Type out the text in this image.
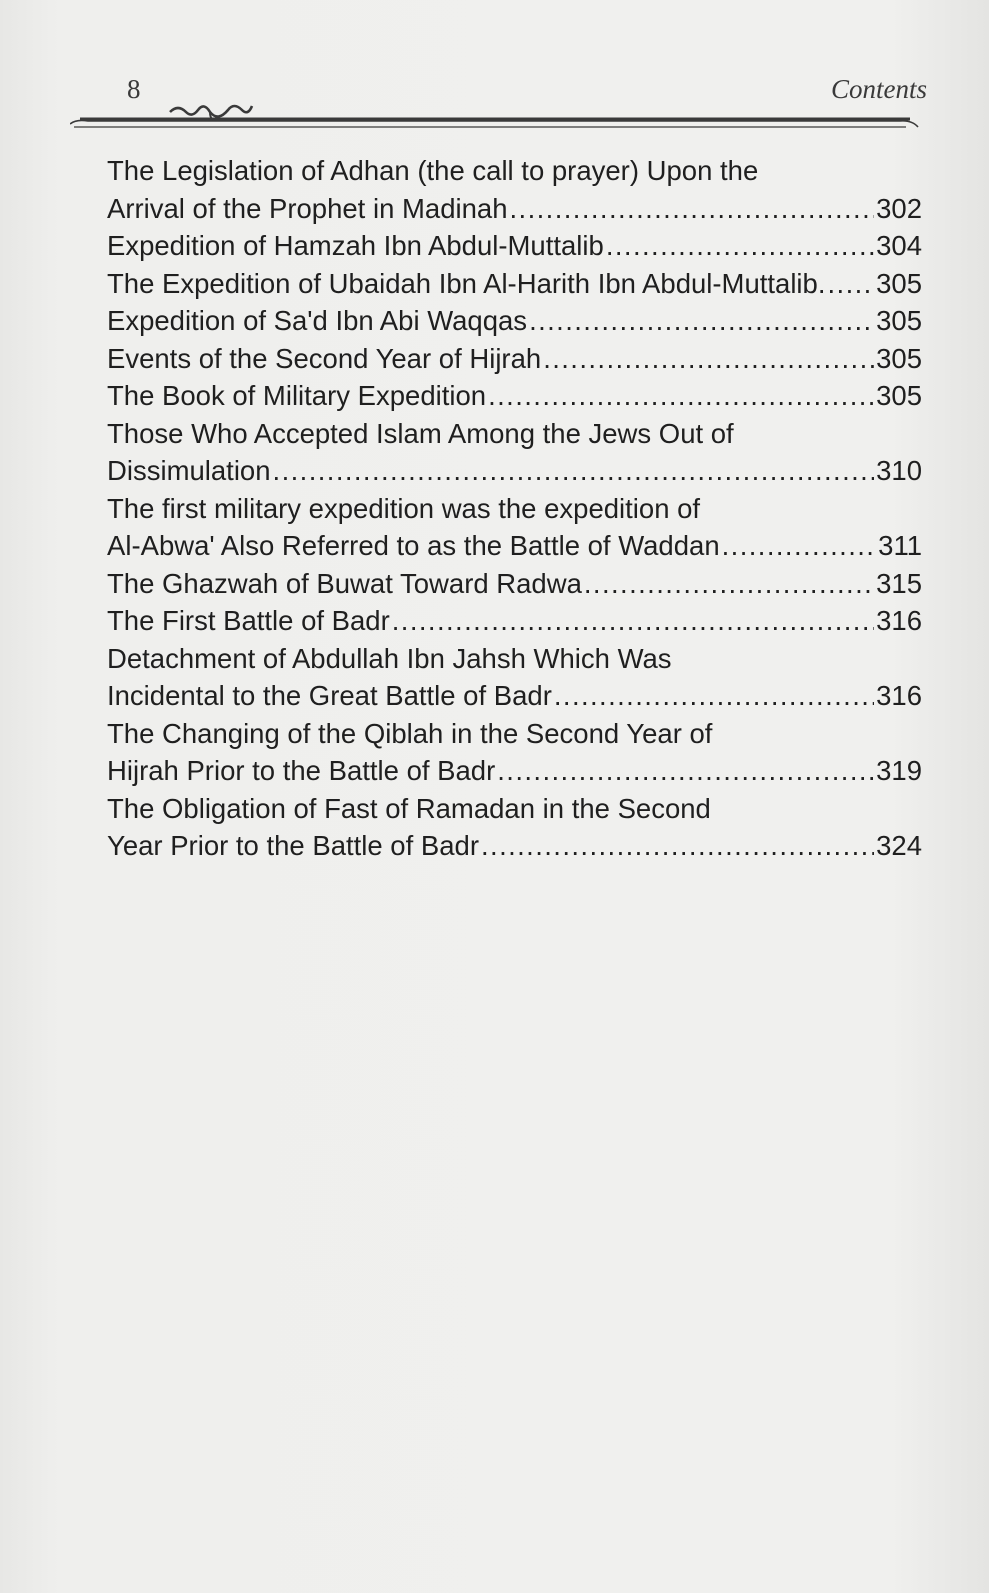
8	Contents
The Legislation of Adhan (the call to prayer) Upon the
Arrival of the Prophet in Madinah .....	302
Expedition of Hamzah Ibn Abdul-Muttalib .....	304
The Expedition of Ubaidah Ibn Al-Harith Ibn Abdul-Muttalib. ..... 305
Expedition of Sa'd Ibn Abi Waqqas .....	305
Events of the Second Year of Hijrah .....	305
The Book of Military Expedition .....	305
Those Who Accepted Islam Among the Jews Out of
Dissimulation .....	310
The first military expedition was the expedition of
Al-Abwa' Also Referred to as the Battle of Waddan .....	311
The Ghazwah of Buwat Toward Radwa .....	315
The First Battle of Badr .....	316
Detachment of Abdullah Ibn Jahsh Which Was
Incidental to the Great Battle of Badr .....	316
The Changing of the Qiblah in the Second Year of
Hijrah Prior to the Battle of Badr .....	319
The Obligation of Fast of Ramadan in the Second
Year Prior to the Battle of Badr .....	324
